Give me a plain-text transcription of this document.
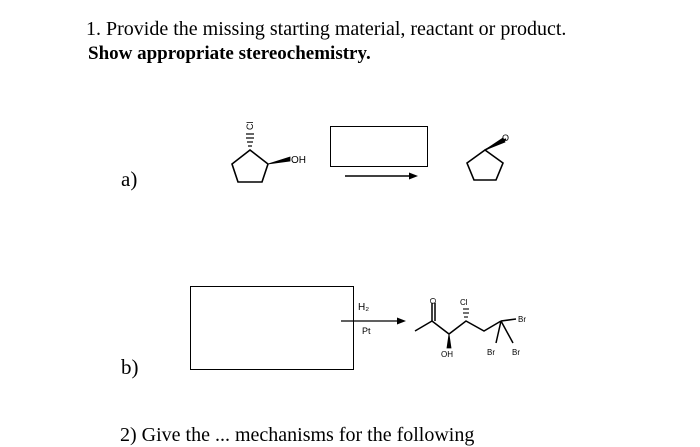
1. Provide the missing starting material, reactant or product.
Show appropriate stereochemistry.
a)
Cl
OH
O
b)
H₂
Pt
O	Cl
OH
Br
Br Br
2) Give the ... mechanisms for the following
